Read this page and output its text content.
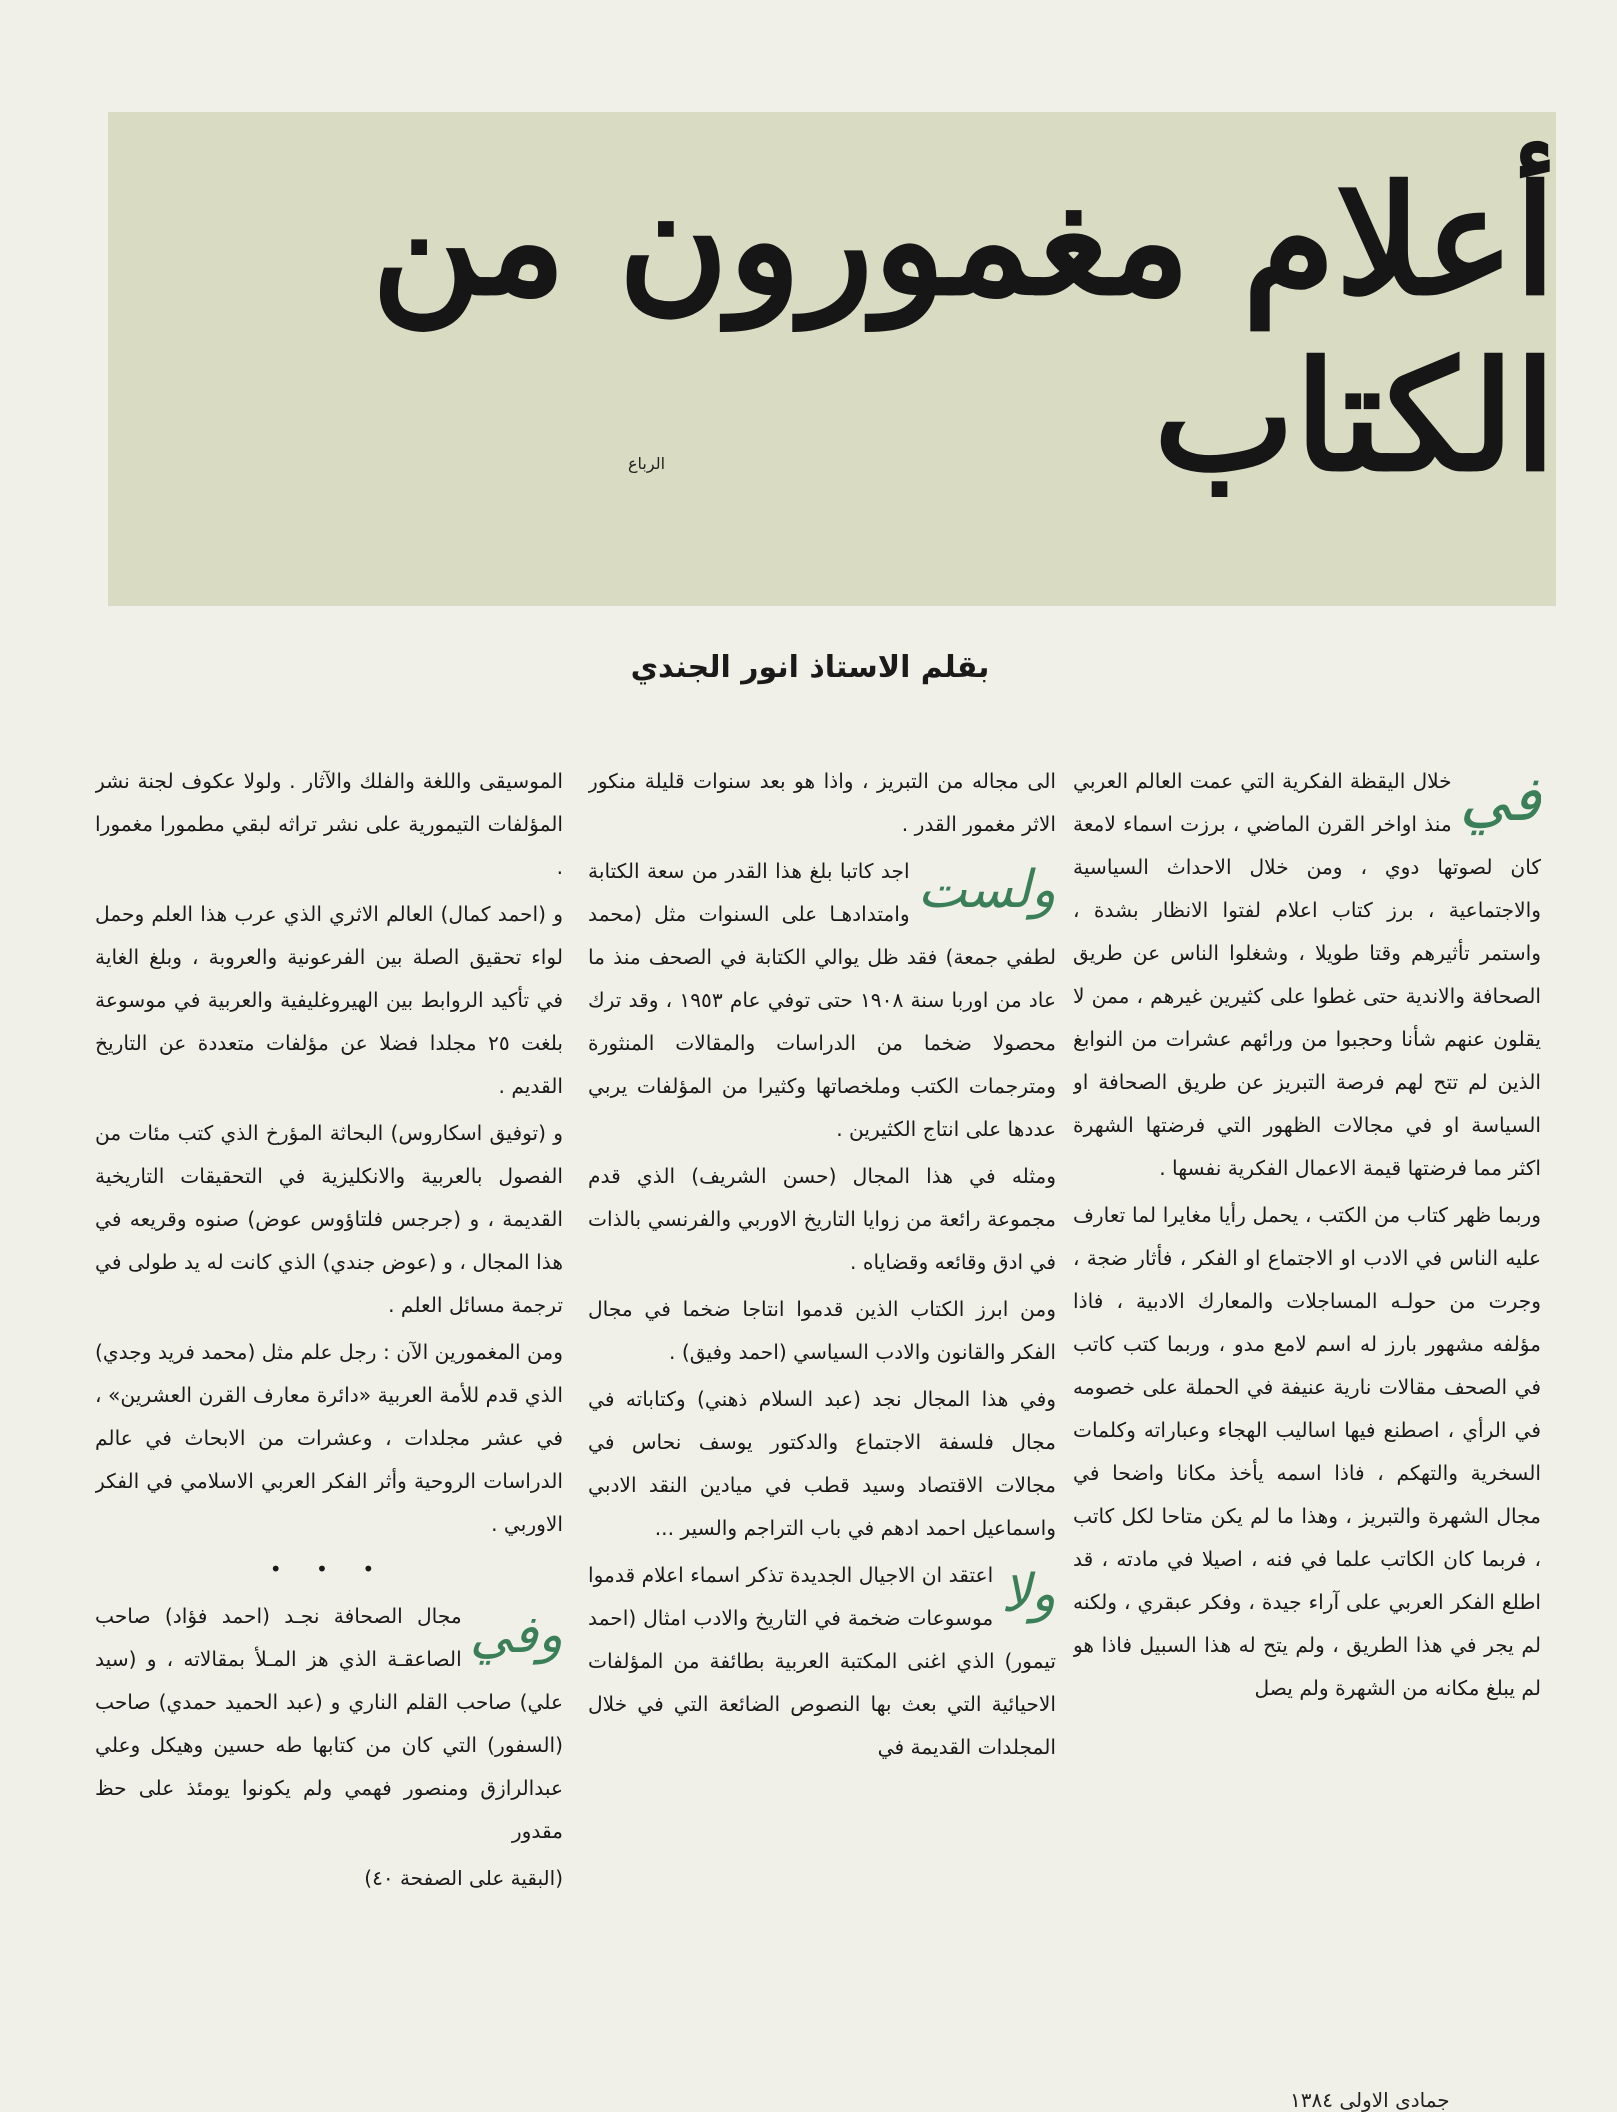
أعلام مغمورون من الكتاب
الرباع
بقلم الاستاذ انور الجندي
في

خلال اليقظة الفكرية التي عمت العالم العربي منذ اواخر القرن الماضي ، برزت اسماء لامعة كان لصوتها دوي ، ومن خلال الاحداث السياسية والاجتماعية ، برز كتاب اعلام لفتوا الانظار بشدة ، واستمر تأثيرهم وقتا طويلا ، وشغلوا الناس عن طريق الصحافة والاندية حتى غطوا على كثيرين غيرهم ، ممن لا يقلون عنهم شأنا وحجبوا من ورائهم عشرات من النوابغ الذين لم تتح لهم فرصة التبريز عن طريق الصحافة او السياسة او في مجالات الظهور التي فرضتها الشهرة اكثر مما فرضتها قيمة الاعمال الفكرية نفسها .

وربما ظهر كتاب من الكتب ، يحمل رأيا مغايرا لما تعارف عليه الناس في الادب او الاجتماع او الفكر ، فأثار ضجة ، وجرت من حولـه المساجلات والمعارك الادبية ، فاذا مؤلفه مشهور بارز له اسم لامع مدو ، وربما كتب كاتب في الصحف مقالات نارية عنيفة في الحملة على خصومه في الرأي ، اصطنع فيها اساليب الهجاء وعباراته وكلمات السخرية والتهكم ، فاذا اسمه يأخذ مكانا واضحا في مجال الشهرة والتبريز ، وهذا ما لم يكن متاحا لكل كاتب ، فربما كان الكاتب علما في فنه ، اصيلا في مادته ، قد اطلع الفكر العربي على آراء جيدة ، وفكر عبقري ، ولكنه لم يجر في هذا الطريق ، ولم يتح له هذا السبيل فاذا هو لم يبلغ مكانه من الشهرة ولم يصل

الى مجاله من التبريز ، واذا هو بعد سنوات قليلة منكور الاثر مغمور القدر .

ولست
اجد كاتبا بلغ هذا القدر من سعة الكتابة وامتدادهـا على السنوات مثل (محمد لطفي جمعة) فقد ظل يوالي الكتابة في الصحف منذ ما عاد من اوربا سنة ١٩٠٨ حتى توفي عام ١٩٥٣ ، وقد ترك محصولا ضخما من الدراسات والمقالات المنثورة ومترجمات الكتب وملخصاتها وكثيرا من المؤلفات يربي عددها على انتاج الكثيرين .

ومثله في هذا المجال (حسن الشريف) الذي قدم مجموعة رائعة من زوايا التاريخ الاوربي والفرنسي بالذات في ادق وقائعه وقضاياه .

ومن ابرز الكتاب الذين قدموا انتاجا ضخما في مجال الفكر والقانون والادب السياسي (احمد وفيق) .

وفي هذا المجال نجد (عبد السلام ذهني) وكتاباته في مجال فلسفة الاجتماع والدكتور يوسف نحاس في مجالات الاقتصاد وسيد قطب في ميادين النقد الادبي واسماعيل احمد ادهم في باب التراجم والسير ...

ولا
اعتقد ان الاجيال الجديدة تذكر اسماء اعلام قدموا موسوعات ضخمة في التاريخ والادب امثال (احمد تيمور) الذي اغنى المكتبة العربية بطائفة من المؤلفات الاحيائية التي بعث بها النصوص الضائعة التي في خلال المجلدات القديمة في

الموسيقى واللغة والفلك والآثار . ولولا عكوف لجنة نشر المؤلفات التيمورية على نشر تراثه لبقي مطمورا مغمورا .

و (احمد كمال) العالم الاثري الذي عرب هذا العلم وحمل لواء تحقيق الصلة بين الفرعونية والعروبة ، وبلغ الغاية في تأكيد الروابط بين الهيروغليفية والعربية في موسوعة بلغت ٢٥ مجلدا فضلا عن مؤلفات متعددة عن التاريخ القديم .

و (توفيق اسكاروس) البحاثة المؤرخ الذي كتب مئات من الفصول بالعربية والانكليزية في التحقيقات التاريخية القديمة ، و (جرجس فلتاؤوس عوض) صنوه وقريعه في هذا المجال ، و (عوض جندي) الذي كانت له يد طولى في ترجمة مسائل العلم .

ومن المغمورين الآن : رجل علم مثل (محمد فريد وجدي) الذي قدم للأمة العربية «دائرة معارف القرن العشرين» ، في عشر مجلدات ، وعشرات من الابحاث في عالم الدراسات الروحية وأثر الفكر العربي الاسلامي في الفكر الاوربي .

• • •

وفي
مجال الصحافة نجـد (احمد فؤاد) صاحب الصاعقـة الذي هز المـلأ بمقالاته ، و (سيد علي) صاحب القلم الناري و (عبد الحميد حمدي) صاحب (السفور) التي كان من كتابها طه حسين وهيكل وعلي عبدالرازق ومنصور فهمي ولم يكونوا يومئذ على حظ مقدور

(البقية على الصفحة ٤٠)

جمادى الاولى ١٣٨٤
